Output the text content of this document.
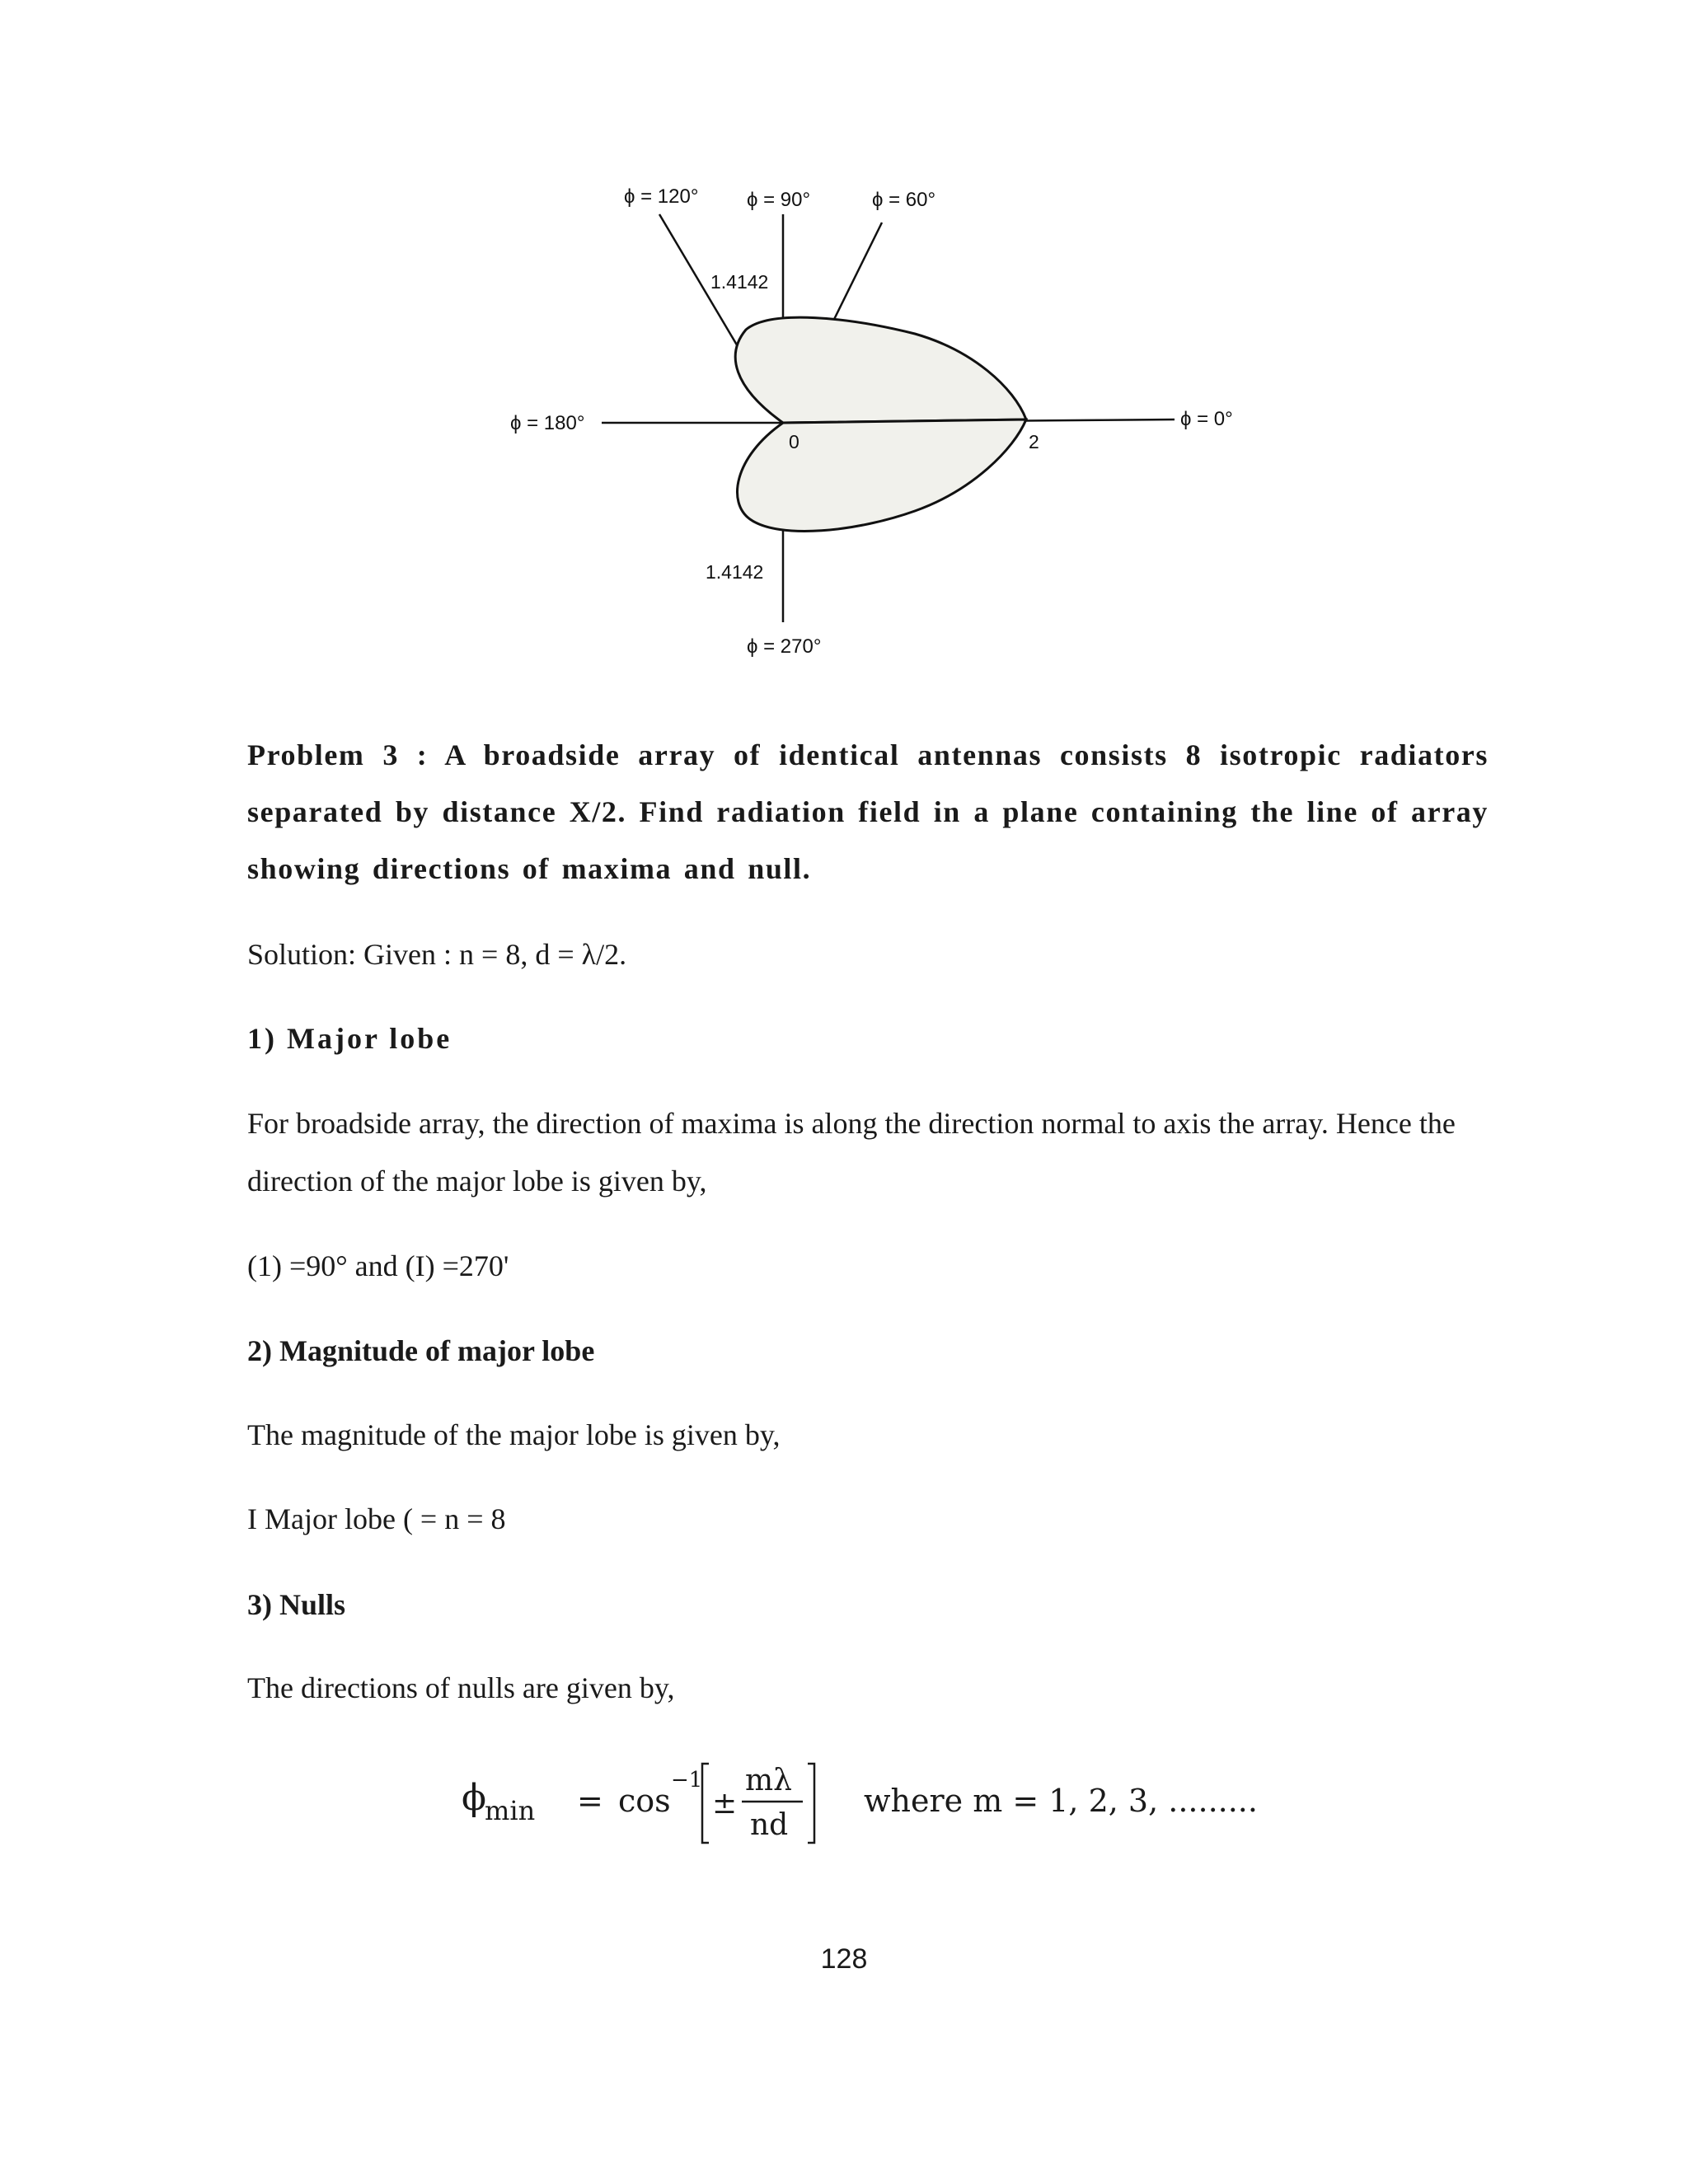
ϕ = 120° ϕ = 90°	ϕ = 60°
ϕ = 180°	ϕ = 0°
ϕ = 270°
1.4142
1.4142
0	2

Problem 3 : A broadside array of identical antennas consists 8 isotropic radiators separated by distance X/2. Find radiation field in a plane containing the line of array showing directions of maxima and null.

Solution: Given : n = 8, d = λ/2.

1) Major lobe

For broadside array, the direction of maxima is along the direction normal to axis the array. Hence the direction of the major lobe is given by,

(1) =90° and (I) =270'

2) Magnitude of major lobe

The magnitude of the major lobe is given by,

I Major lobe ( = n = 8

3) Nulls

The directions of nulls are given by,

ϕ
min = cos
−1
±
mλ
nd
where m = 1, 2, 3, .........
128
